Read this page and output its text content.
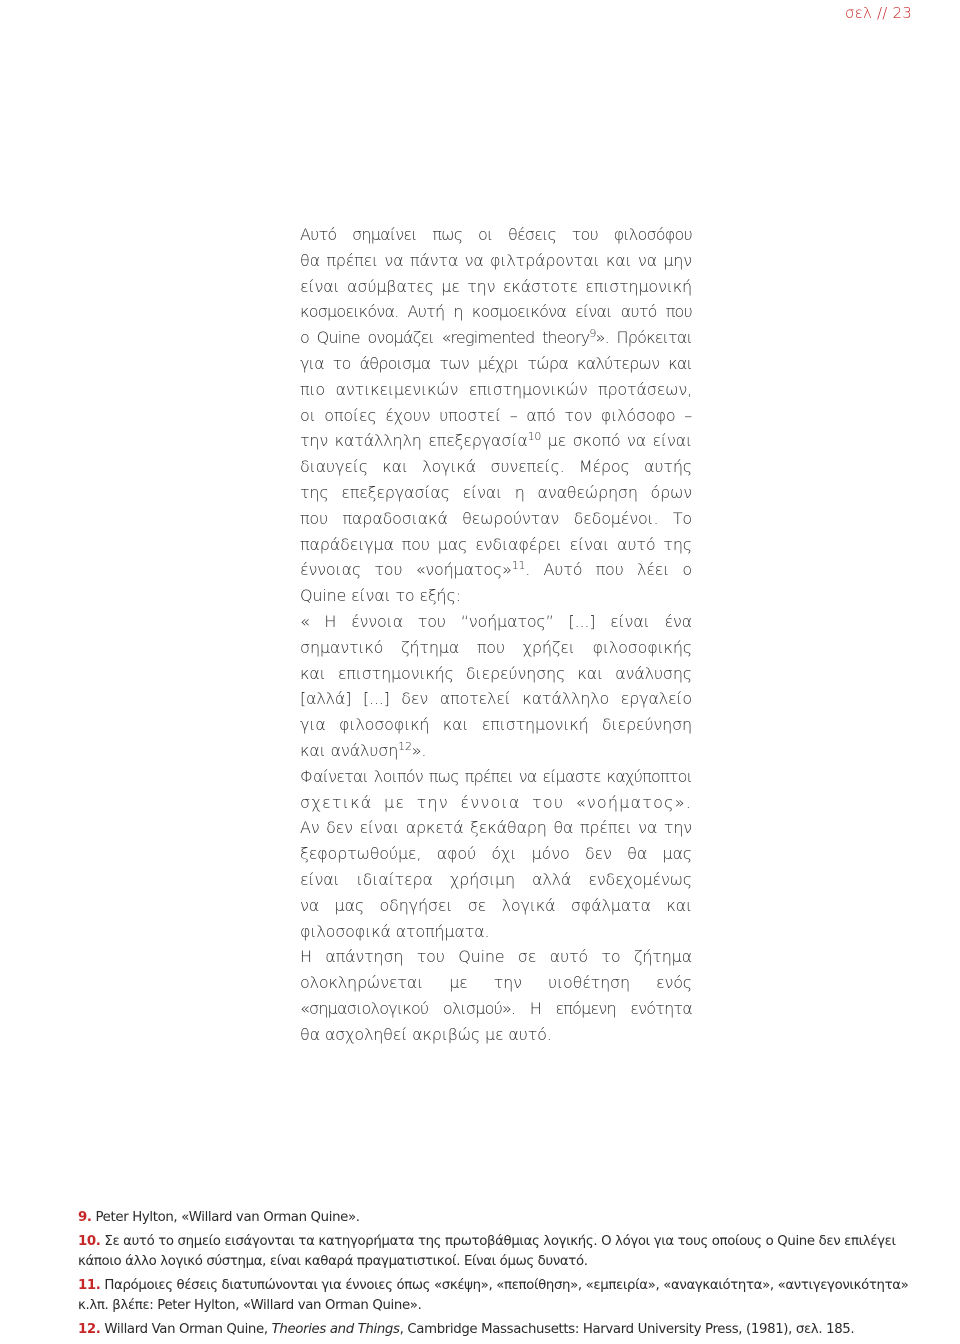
σελ // 23
Αυτό σημαίνει πως οι θέσεις του φιλοσόφου
θα πρέπει να πάντα να φιλτράρονται και να μην
είναι ασύμβατες με την εκάστοτε επιστημονική
κοσμοεικόνα. Αυτή η κοσμοεικόνα είναι αυτό που
ο Quine ονομάζει «regimented theory$^9$». Πρόκειται
για το άθροισμα των μέχρι τώρα καλύτερων και
πιο αντικειμενικών επιστημονικών προτάσεων,
οι οποίες έχουν υποστεί – από τον φιλόσοφο –
την κατάλληλη επεξεργασία$^{10}$ με σκοπό να είναι
διαυγείς και λογικά συνεπείς. Μέρος αυτής
της επεξεργασίας είναι η αναθεώρηση όρων
που παραδοσιακά θεωρούνταν δεδομένοι. Το
παράδειγμα που μας ενδιαφέρει είναι αυτό της
έννοιας του «νοήματος»$^{11}$. Αυτό που λέει ο
Quine είναι το εξής:
« Η έννοια του “νοήματος” [...] είναι ένα
σημαντικό ζήτημα που χρήζει φιλοσοφικής
και επιστημονικής διερεύνησης και ανάλυσης
[αλλά] [...] δεν αποτελεί κατάλληλο εργαλείο
για φιλοσοφική και επιστημονική διερεύνηση
και ανάλυση$^{12}$».
Φαίνεται λοιπόν πως πρέπει να είμαστε καχύποπτοι
σχετικά με την έννοια του «νοήματος».
Αν δεν είναι αρκετά ξεκάθαρη θα πρέπει να την
ξεφορτωθούμε, αφού όχι μόνο δεν θα μας
είναι ιδιαίτερα χρήσιμη αλλά ενδεχομένως
να μας οδηγήσει σε λογικά σφάλματα και
φιλοσοφικά ατοπήματα.
Η απάντηση του Quine σε αυτό το ζήτημα
ολοκληρώνεται με την υιοθέτηση ενός
«σημασιολογικού ολισμού». Η επόμενη ενότητα
θα ασχοληθεί ακριβώς με αυτό.
9. Peter Hylton, «Willard van Orman Quine».
10. Σε αυτό το σημείο εισάγονται τα κατηγορήματα της πρωτοβάθμιας λογικής. Ο λόγοι για τους οποίους ο Quine δεν επιλέγει
κάποιο άλλο λογικό σύστημα, είναι καθαρά πραγματιστικοί. Είναι όμως δυνατό.
11. Παρόμοιες θέσεις διατυπώνονται για έννοιες όπως «σκέψη», «πεποίθηση», «εμπειρία», «αναγκαιότητα», «αντιγεγονικότητα»
κ.λπ. βλέπε: Peter Hylton, «Willard van Orman Quine».
12. Willard Van Orman Quine, Theories and Things, Cambridge Massachusetts: Harvard University Press, (1981), σελ. 185.
